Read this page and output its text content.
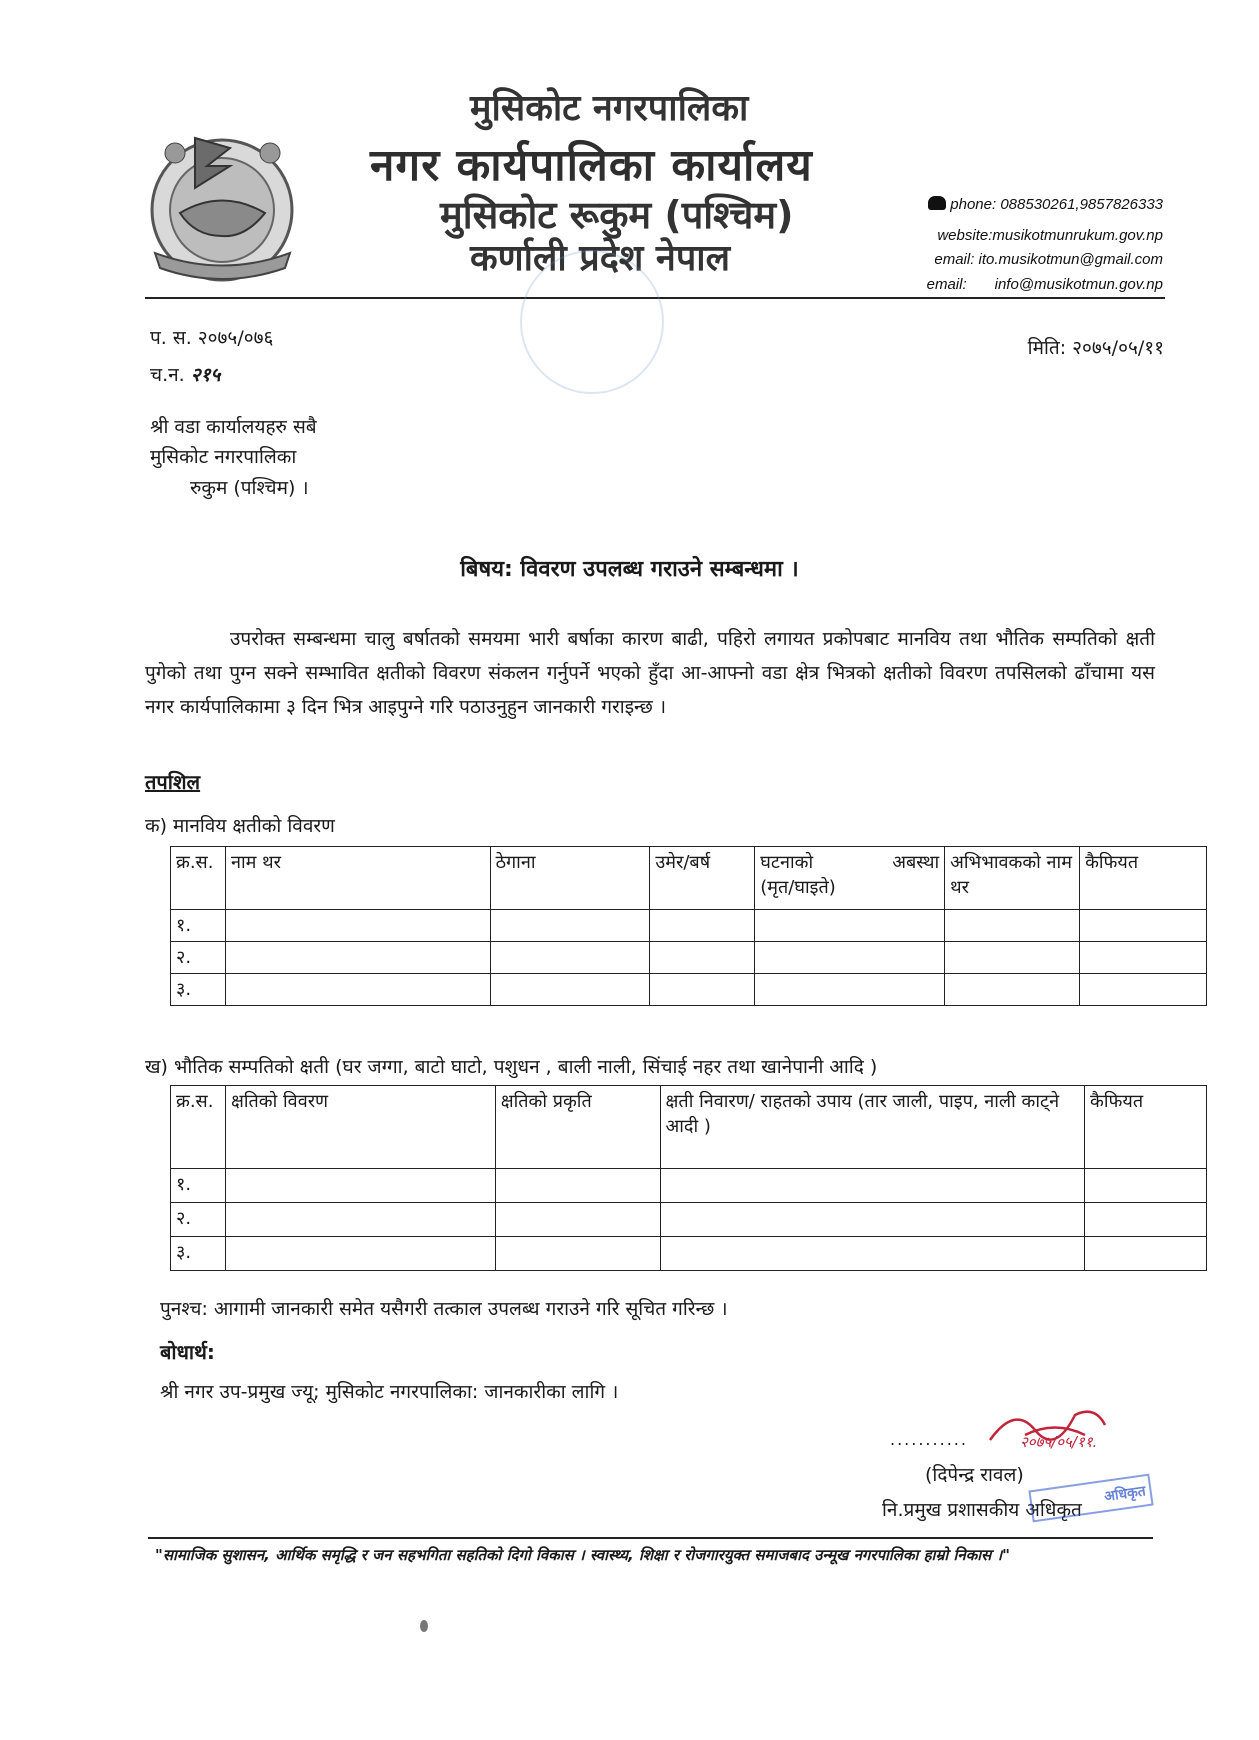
मुसिकोट नगरपालिका
नगर कार्यपालिका कार्यालय
मुसिकोट रूकुम (पश्चिम)
कर्णाली प्रदेश नेपाल
phone: 088530261,9857826333
website:musikotmunrukum.gov.np
email: ito.musikotmun@gmail.com
email: info@musikotmun.gov.np
प. स. २०७५/०७६
च.न. २१५
मिति: २०७५/०५/११
श्री वडा कार्यालयहरु सबै
मुसिकोट नगरपालिका
रुकुम (पश्चिम) ।
बिषय: विवरण उपलब्ध गराउने सम्बन्धमा ।
उपरोक्त सम्बन्धमा चालु बर्षातको समयमा भारी बर्षाका कारण बाढी, पहिरो लगायत प्रकोपबाट मानविय तथा भौतिक सम्पतिको क्षती पुगेको तथा पुग्न सक्ने सम्भावित क्षतीको विवरण संकलन गर्नुपर्ने भएको हुँदा आ-आफ्नो वडा क्षेत्र भित्रको क्षतीको विवरण तपसिलको ढाँचामा यस नगर कार्यपालिकामा ३ दिन भित्र आइपुग्ने गरि पठाउनुहुन जानकारी गराइन्छ ।
तपशिल
क) मानविय क्षतीको विवरण
क्र.स.	नाम थर	ठेगाना	उमेर/बर्ष	घटनाको अबस्था
(मृत/घाइते)	अभिभावकको नाम थर	कैफियत
१.						
२.						
३.						
ख) भौतिक सम्पतिको क्षती (घर जग्गा, बाटो घाटो, पशुधन , बाली नाली, सिंचाई नहर तथा खानेपानी आदि )
क्र.स.	क्षतिको विवरण	क्षतिको प्रकृति	क्षती निवारण/ राहतको उपाय (तार जाली, पाइप, नाली काट्ने आदी )	कैफियत
१.				
२.				
३.				
पुनश्च: आगामी जानकारी समेत यसैगरी तत्काल उपलब्ध गराउने गरि सूचित गरिन्छ ।
बोधार्थ:
श्री नगर उप-प्रमुख ज्यू; मुसिकोट नगरपालिका: जानकारीका लागि ।
...........	२०७५/०५/११.
(दिपेन्द्र रावल)
नि.प्रमुख प्रशासकीय अधिकृत
अधिकृत
"सामाजिक सुशासन, आर्थिक समृद्धि र जन सहभगिता सहतिको दिगो विकास । स्वास्थ्य, शिक्षा र रोजगारयुक्त समाजबाद उन्मूख नगरपालिका हाम्रो निकास ।"
